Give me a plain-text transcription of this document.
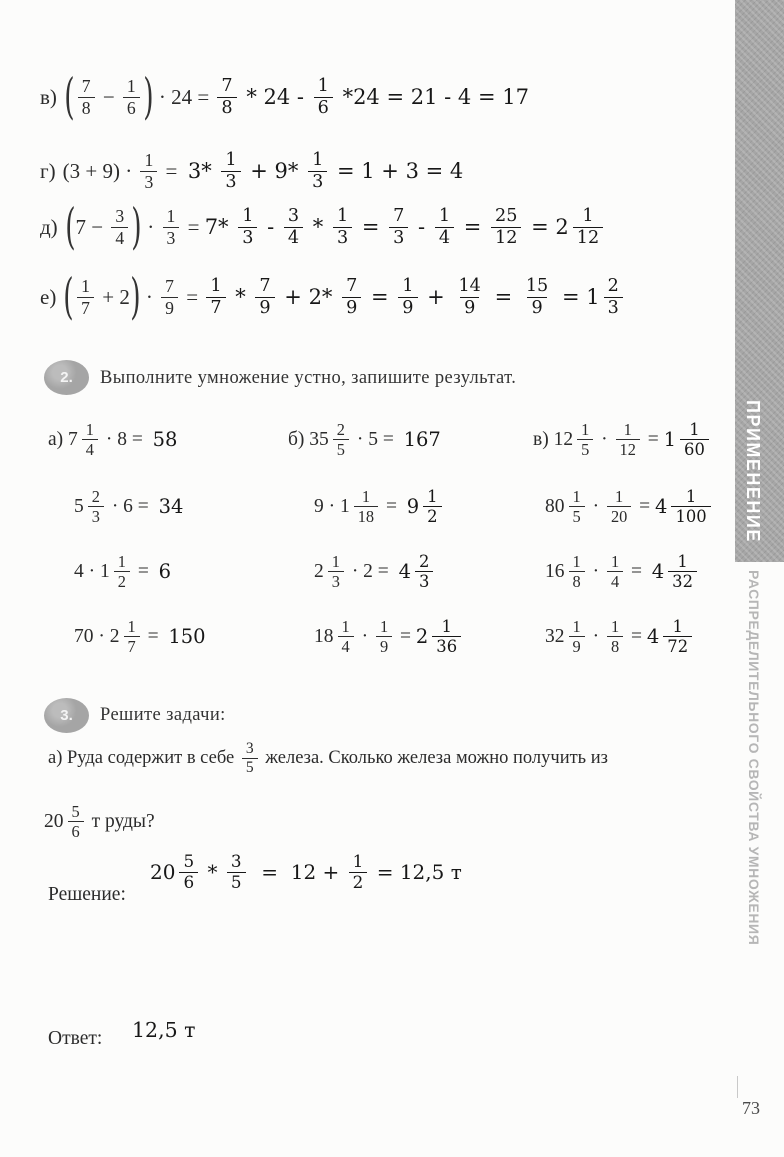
в) ( $\frac{7}{8} - \frac{1}{6}$ ) · $24 = \frac{7}{8} * 24 - \frac{1}{6} *24 = 21 - 4 = 17$
г) $(3 + 9) \cdot \frac{1}{3} = 3* \frac{1}{3} + 9* \frac{1}{3} = 1 + 3 = 4$
д) ( $7 - \frac{3}{4}$ ) · $\frac{1}{3} = 7* \frac{1}{3} - \frac{3}{4} * \frac{1}{3} = \frac{7}{3} - \frac{1}{4} = \frac{25}{12} = 2 \frac{1}{12}$
е) ( $\frac{1}{7} + 2$ ) · $\frac{7}{9} = \frac{1}{7} * \frac{7}{9} + 2* \frac{7}{9} = \frac{1}{9} + \frac{14}{9} = \frac{15}{9} = 1 \frac{2}{3}$
2.	Выполните умножение устно, запишите результат.
а) $7 \frac{1}{4} \cdot 8 = 58$	б) $35 \frac{2}{5} \cdot 5 = 167$	в) $12 \frac{1}{5} \cdot \frac{1}{12} = 1 \frac{1}{60}$
$5 \frac{2}{3} \cdot 6 = 34$	$9 \cdot 1 \frac{1}{18} = 9 \frac{1}{2}$	$80 \frac{1}{5} \cdot \frac{1}{20} = 4 \frac{1}{100}$
$4 \cdot 1 \frac{1}{2} = 6$	$2 \frac{1}{3} \cdot 2 = 4 \frac{2}{3}$	$16 \frac{1}{8} \cdot \frac{1}{4} = 4 \frac{1}{32}$
$70 \cdot 2 \frac{1}{7} = 150$	$18 \frac{1}{4} \cdot \frac{1}{9} = 2 \frac{1}{36}$	$32 \frac{1}{9} \cdot \frac{1}{8} = 4 \frac{1}{72}$
3.	Решите задачи:
а) Руда содержит в себе $\frac{3}{5}$ железа. Сколько железа можно получить из
$20 \frac{5}{6}$ т руды?
Решение:
$20 \frac{5}{6} * \frac{3}{5} = 12 + \frac{1}{2} = 12,5$ т
Ответ: 12,5 т
ПРИМЕНЕНИЕ
РАСПРЕДЕЛИТЕЛЬНОГО СВОЙСТВА УМНОЖЕНИЯ
73
